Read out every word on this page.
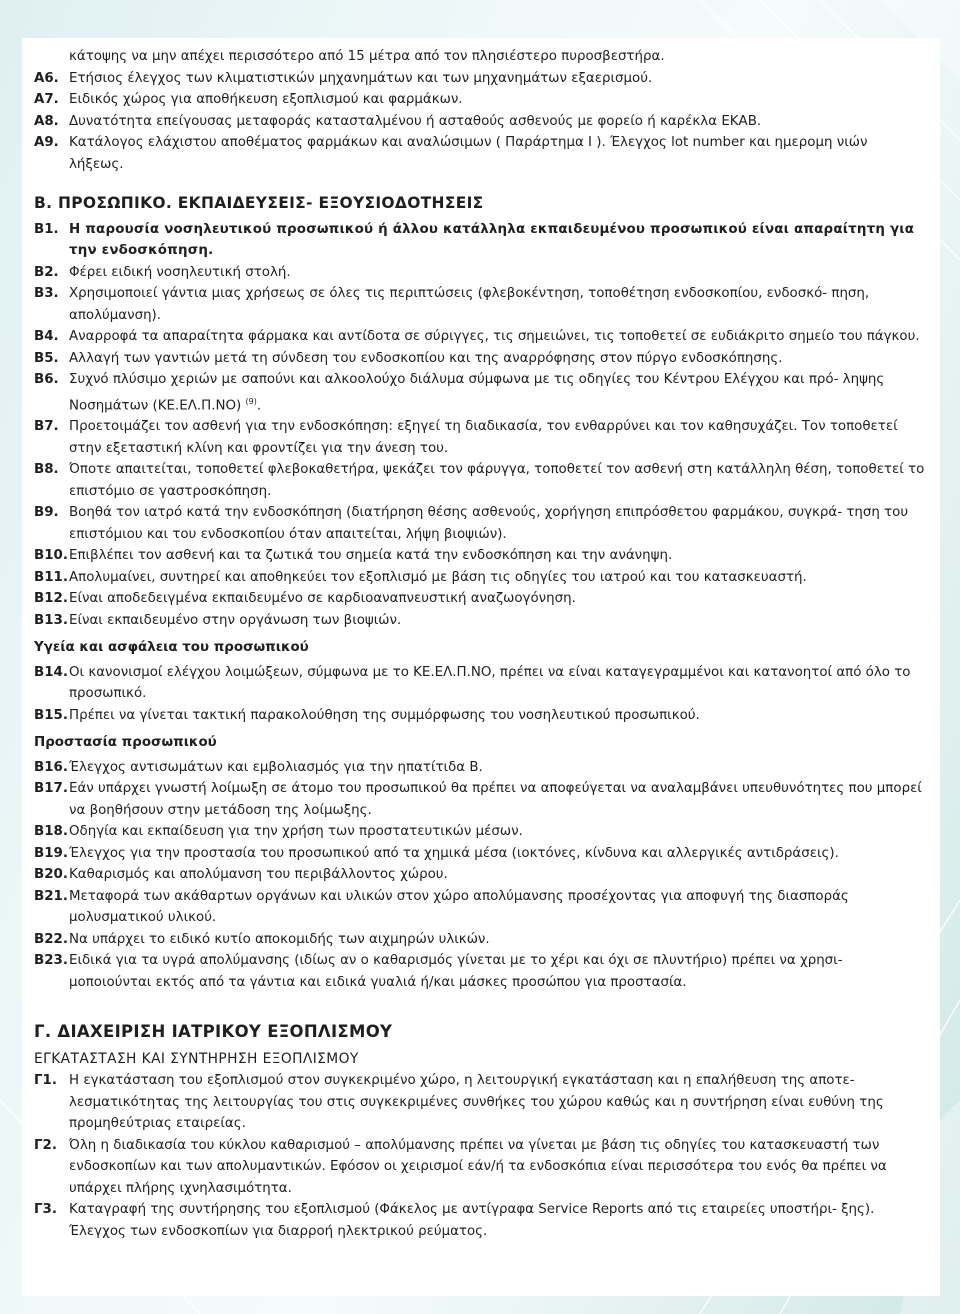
κάτοψης να μην απέχει περισσότερο από 15 μέτρα από τον πλησιέστερο πυροσβεστήρα.
A6. Ετήσιος έλεγχος των κλιματιστικών μηχανημάτων και των μηχανημάτων εξαερισμού.
A7. Ειδικός χώρος για αποθήκευση εξοπλισμού και φαρμάκων.
A8. Δυνατότητα επείγουσας μεταφοράς κατασταλμένου ή ασταθούς ασθενούς με φορείο ή καρέκλα ΕΚΑΒ.
A9. Κατάλογος ελάχιστου αποθέματος φαρμάκων και αναλώσιμων ( Παράρτημα Ι ). Έλεγχος lot number και ημερομη νιών λήξεως.
Β. ΠΡΟΣΩΠΙΚΟ. ΕΚΠΑΙΔΕΥΣΕΙΣ- ΕΞΟΥΣΙΟΔΟΤΗΣΕΙΣ
Β1. Η παρουσία νοσηλευτικού προσωπικού ή άλλου κατάλληλα εκπαιδευμένου προσωπικού είναι απαραίτητη για την ενδοσκόπηση.
Β2. Φέρει ειδική νοσηλευτική στολή.
Β3. Χρησιμοποιεί γάντια μιας χρήσεως σε όλες τις περιπτώσεις (φλεβοκέντηση, τοποθέτηση ενδοσκοπίου, ενδοσκό- πηση, απολύμανση).
Β4. Αναρροφά τα απαραίτητα φάρμακα και αντίδοτα σε σύριγγες, τις σημειώνει, τις τοποθετεί σε ευδιάκριτο σημείο του πάγκου.
Β5. Αλλαγή των γαντιών μετά τη σύνδεση του ενδοσκοπίου και της αναρρόφησης στον πύργο ενδοσκόπησης.
Β6. Συχνό πλύσιμο χεριών με σαπούνι και αλκοολούχο διάλυμα σύμφωνα με τις οδηγίες του Κέντρου Ελέγχου και πρό- ληψης Νοσημάτων (ΚΕ.ΕΛ.Π.ΝΟ) $^{(9)}$.
Β7. Προετοιμάζει τον ασθενή για την ενδοσκόπηση: εξηγεί τη διαδικασία, τον ενθαρρύνει και τον καθησυχάζει. Τον τοποθετεί στην εξεταστική κλίνη και φροντίζει για την άνεση του.
Β8. Όποτε απαιτείται, τοποθετεί φλεβοκαθετήρα, ψεκάζει τον φάρυγγα, τοποθετεί τον ασθενή στη κατάλληλη θέση, τοποθετεί το επιστόμιο σε γαστροσκόπηση.
Β9. Βοηθά τον ιατρό κατά την ενδοσκόπηση (διατήρηση θέσης ασθενούς, χορήγηση επιπρόσθετου φαρμάκου, συγκρά- τηση του επιστόμιου και του ενδοσκοπίου όταν απαιτείται, λήψη βιοψιών).
Β10. Επιβλέπει τον ασθενή και τα ζωτικά του σημεία κατά την ενδοσκόπηση και την ανάνηψη.
Β11. Απολυμαίνει, συντηρεί και αποθηκεύει τον εξοπλισμό με βάση τις οδηγίες του ιατρού και του κατασκευαστή.
Β12. Είναι αποδεδειγμένα εκπαιδευμένο σε καρδιοαναπνευστική αναζωογόνηση.
Β13. Είναι εκπαιδευμένο στην οργάνωση των βιοψιών.
Υγεία και ασφάλεια του προσωπικού
Β14. Οι κανονισμοί ελέγχου λοιμώξεων, σύμφωνα με το ΚΕ.ΕΛ.Π.ΝΟ, πρέπει να είναι καταγεγραμμένοι και κατανοητοί από όλο το προσωπικό.
Β15. Πρέπει να γίνεται τακτική παρακολούθηση της συμμόρφωσης του νοσηλευτικού προσωπικού.
Προστασία προσωπικού
Β16. Έλεγχος αντισωμάτων και εμβολιασμός για την ηπατίτιδα Β.
Β17. Εάν υπάρχει γνωστή λοίμωξη σε άτομο του προσωπικού θα πρέπει να αποφεύγεται να αναλαμβάνει υπευθυνότητες που μπορεί να βοηθήσουν στην μετάδοση της λοίμωξης.
Β18. Οδηγία και εκπαίδευση για την χρήση των προστατευτικών μέσων.
Β19. Έλεγχος για την προστασία του προσωπικού από τα χημικά μέσα (ιοκτόνες, κίνδυνα και αλλεργικές αντιδράσεις).
Β20. Καθαρισμός και απολύμανση του περιβάλλοντος χώρου.
Β21. Μεταφορά των ακάθαρτων οργάνων και υλικών στον χώρο απολύμανσης προσέχοντας για αποφυγή της διασποράς μολυσματικού υλικού.
Β22. Να υπάρχει το ειδικό κυτίο αποκομιδής των αιχμηρών υλικών.
Β23. Ειδικά για τα υγρά απολύμανσης (ιδίως αν ο καθαρισμός γίνεται με το χέρι και όχι σε πλυντήριο) πρέπει να χρησι- μοποιούνται εκτός από τα γάντια και ειδικά γυαλιά ή/και μάσκες προσώπου για προστασία.
Γ. ΔΙΑΧΕΙΡΙΣΗ ΙΑΤΡΙΚΟΥ ΕΞΟΠΛΙΣΜΟΥ
ΕΓΚΑΤΑΣΤΑΣΗ ΚΑΙ ΣΥΝΤΗΡΗΣΗ ΕΞΟΠΛΙΣΜΟΥ
Γ1. Η εγκατάσταση του εξοπλισμού στον συγκεκριμένο χώρο, η λειτουργική εγκατάσταση και η επαλήθευση της αποτε- λεσματικότητας της λειτουργίας του στις συγκεκριμένες συνθήκες του χώρου καθώς και η συντήρηση είναι ευθύνη της προμηθεύτριας εταιρείας.
Γ2. Όλη η διαδικασία του κύκλου καθαρισμού – απολύμανσης πρέπει να γίνεται με βάση τις οδηγίες του κατασκευαστή των ενδοσκοπίων και των απολυμαντικών. Εφόσον οι χειρισμοί εάν/ή τα ενδοσκόπια είναι περισσότερα του ενός θα πρέπει να υπάρχει πλήρης ιχνηλασιμότητα.
Γ3. Καταγραφή της συντήρησης του εξοπλισμού (Φάκελος με αντίγραφα Service Reports από τις εταιρείες υποστήρι- ξης). Έλεγχος των ενδοσκοπίων για διαρροή ηλεκτρικού ρεύματος.
